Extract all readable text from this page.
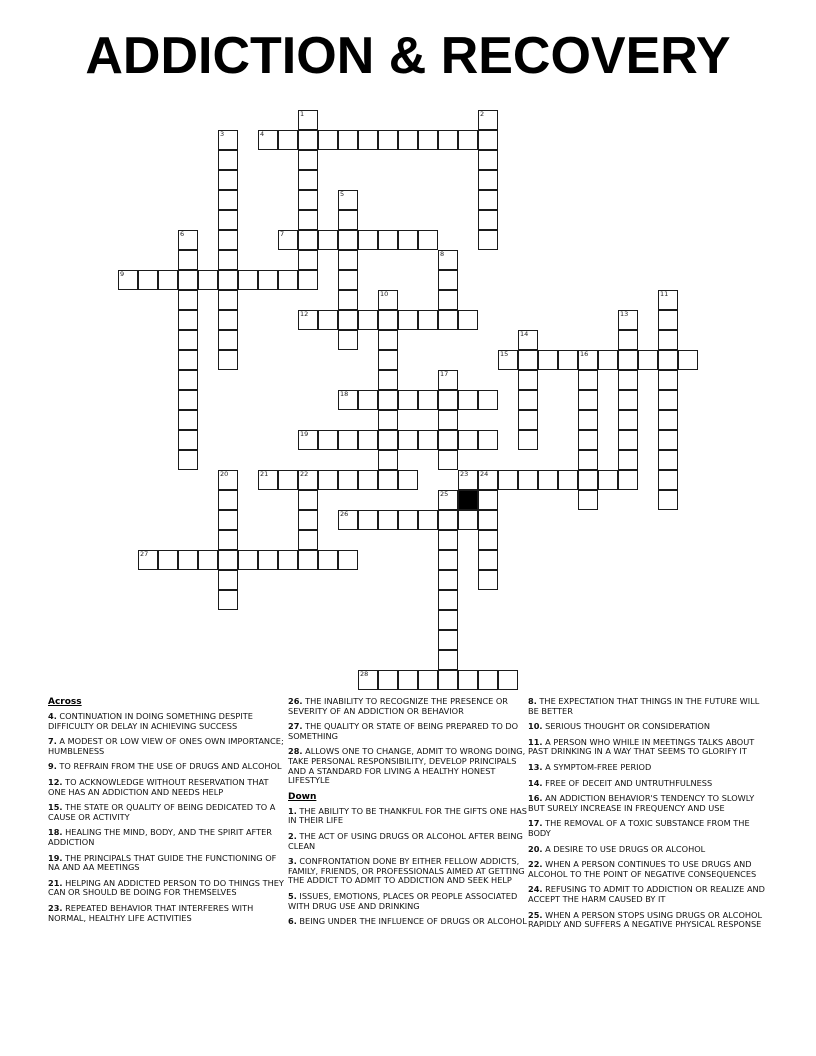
ADDICTION & RECOVERY
1	2
3	4
5
6	7
8
9
10	11
12	13
14
15	16
17
18
19
20	21	22	23 24
25
26
27
28
Across

4. CONTINUATION IN DOING SOMETHING DESPITE DIFFICULTY OR DELAY IN ACHIEVING SUCCESS

7. A MODEST OR LOW VIEW OF ONES OWN IMPORTANCE; HUMBLENESS

9. TO REFRAIN FROM THE USE OF DRUGS AND ALCOHOL

12. TO ACKNOWLEDGE WITHOUT RESERVATION THAT ONE HAS AN ADDICTION AND NEEDS HELP

15. THE STATE OR QUALITY OF BEING DEDICATED TO A CAUSE OR ACTIVITY

18. HEALING THE MIND, BODY, AND THE SPIRIT AFTER ADDICTION

19. THE PRINCIPALS THAT GUIDE THE FUNCTIONING OF NA AND AA MEETINGS

21. HELPING AN ADDICTED PERSON TO DO THINGS THEY CAN OR SHOULD BE DOING FOR THEMSELVES

23. REPEATED BEHAVIOR THAT INTERFERES WITH NORMAL, HEALTHY LIFE ACTIVITIES

26. THE INABILITY TO RECOGNIZE THE PRESENCE OR SEVERITY OF AN ADDICTION OR BEHAVIOR

27. THE QUALITY OR STATE OF BEING PREPARED TO DO SOMETHING

28. ALLOWS ONE TO CHANGE, ADMIT TO WRONG DOING, TAKE PERSONAL RESPONSIBILITY, DEVELOP PRINCIPALS AND A STANDARD FOR LIVING A HEALTHY HONEST LIFESTYLE

Down

1. THE ABILITY TO BE THANKFUL FOR THE GIFTS ONE HAS IN THEIR LIFE

2. THE ACT OF USING DRUGS OR ALCOHOL AFTER BEING CLEAN

3. CONFRONTATION DONE BY EITHER FELLOW ADDICTS, FAMILY, FRIENDS, OR PROFESSIONALS AIMED AT GETTING THE ADDICT TO ADMIT TO ADDICTION AND SEEK HELP

5. ISSUES, EMOTIONS, PLACES OR PEOPLE ASSOCIATED WITH DRUG USE AND DRINKING

6. BEING UNDER THE INFLUENCE OF DRUGS OR ALCOHOL

8. THE EXPECTATION THAT THINGS IN THE FUTURE WILL BE BETTER

10. SERIOUS THOUGHT OR CONSIDERATION

11. A PERSON WHO WHILE IN MEETINGS TALKS ABOUT PAST DRINKING IN A WAY THAT SEEMS TO GLORIFY IT

13. A SYMPTOM-FREE PERIOD

14. FREE OF DECEIT AND UNTRUTHFULNESS

16. AN ADDICTION BEHAVIOR'S TENDENCY TO SLOWLY BUT SURELY INCREASE IN FREQUENCY AND USE

17. THE REMOVAL OF A TOXIC SUBSTANCE FROM THE BODY

20. A DESIRE TO USE DRUGS OR ALCOHOL

22. WHEN A PERSON CONTINUES TO USE DRUGS AND ALCOHOL TO THE POINT OF NEGATIVE CONSEQUENCES

24. REFUSING TO ADMIT TO ADDICTION OR REALIZE AND ACCEPT THE HARM CAUSED BY IT

25. WHEN A PERSON STOPS USING DRUGS OR ALCOHOL RAPIDLY AND SUFFERS A NEGATIVE PHYSICAL RESPONSE
